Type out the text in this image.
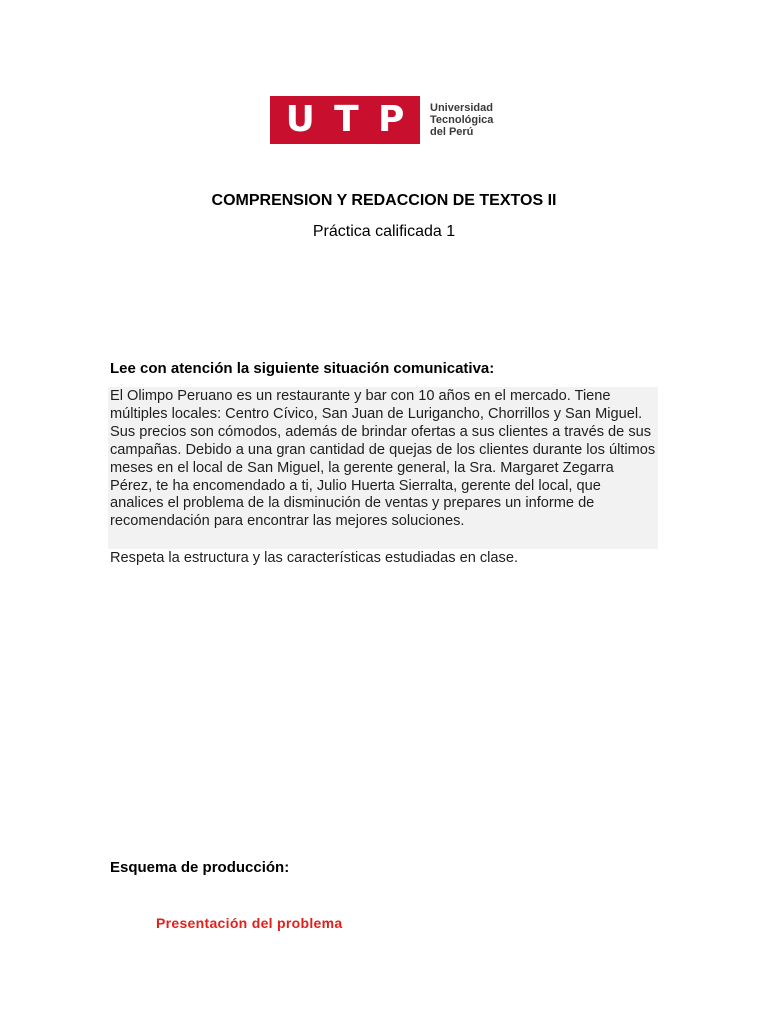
U T P Universidad
Tecnológica
del Perú
COMPRENSION Y REDACCION DE TEXTOS II
Práctica calificada 1
Lee con atención la siguiente situación comunicativa:
El Olimpo Peruano es un restaurante y bar con 10 años en el mercado. Tiene múltiples locales: Centro Cívico, San Juan de Lurigancho, Chorrillos y San Miguel. Sus precios son cómodos, además de brindar ofertas a sus clientes a través de sus campañas. Debido a una gran cantidad de quejas de los clientes durante los últimos meses en el local de San Miguel, la gerente general, la Sra. Margaret Zegarra Pérez, te ha encomendado a ti, Julio Huerta Sierralta, gerente del local, que analices el problema de la disminución de ventas y prepares un informe de recomendación para encontrar las mejores soluciones.
Respeta la estructura y las características estudiadas en clase.
Esquema de producción:
Presentación del problema
